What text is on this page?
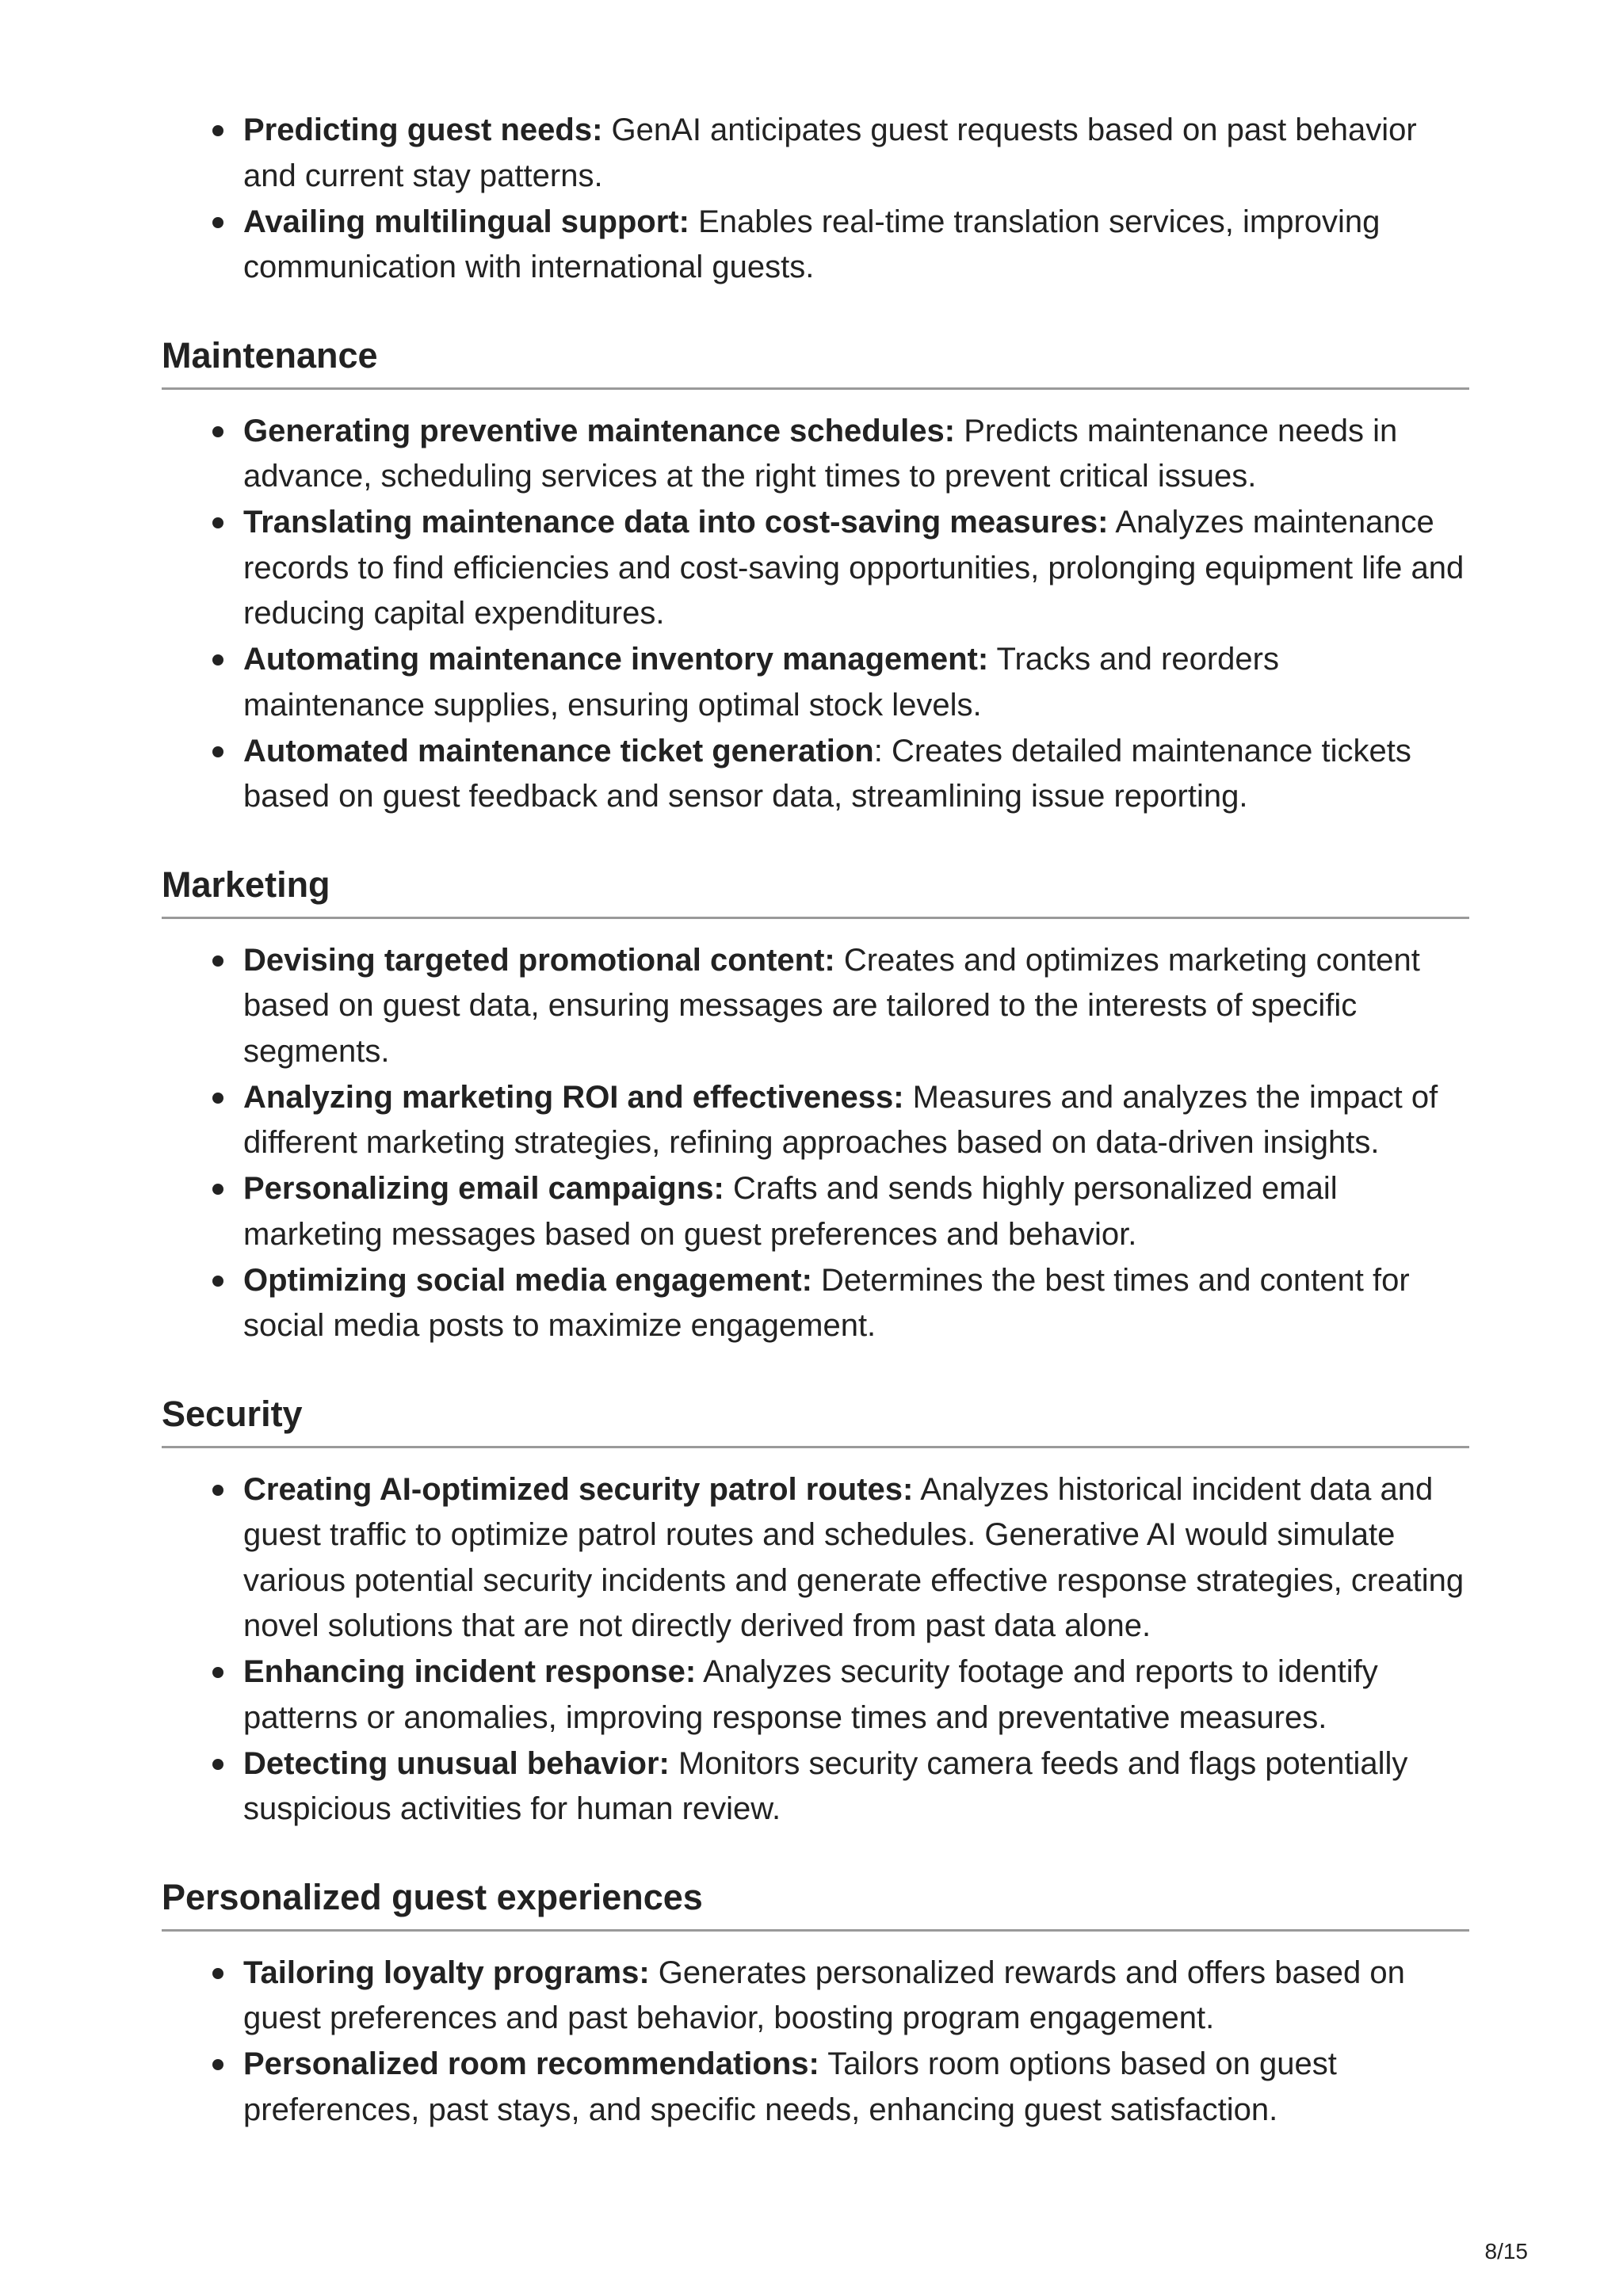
Predicting guest needs: GenAI anticipates guest requests based on past behavior and current stay patterns.
Availing multilingual support: Enables real-time translation services, improving communication with international guests.
Maintenance
Generating preventive maintenance schedules: Predicts maintenance needs in advance, scheduling services at the right times to prevent critical issues.
Translating maintenance data into cost-saving measures: Analyzes maintenance records to find efficiencies and cost-saving opportunities, prolonging equipment life and reducing capital expenditures.
Automating maintenance inventory management: Tracks and reorders maintenance supplies, ensuring optimal stock levels.
Automated maintenance ticket generation: Creates detailed maintenance tickets based on guest feedback and sensor data, streamlining issue reporting.
Marketing
Devising targeted promotional content: Creates and optimizes marketing content based on guest data, ensuring messages are tailored to the interests of specific segments.
Analyzing marketing ROI and effectiveness: Measures and analyzes the impact of different marketing strategies, refining approaches based on data-driven insights.
Personalizing email campaigns: Crafts and sends highly personalized email marketing messages based on guest preferences and behavior.
Optimizing social media engagement: Determines the best times and content for social media posts to maximize engagement.
Security
Creating AI-optimized security patrol routes: Analyzes historical incident data and guest traffic to optimize patrol routes and schedules. Generative AI would simulate various potential security incidents and generate effective response strategies, creating novel solutions that are not directly derived from past data alone.
Enhancing incident response: Analyzes security footage and reports to identify patterns or anomalies, improving response times and preventative measures.
Detecting unusual behavior: Monitors security camera feeds and flags potentially suspicious activities for human review.
Personalized guest experiences
Tailoring loyalty programs: Generates personalized rewards and offers based on guest preferences and past behavior, boosting program engagement.
Personalized room recommendations: Tailors room options based on guest preferences, past stays, and specific needs, enhancing guest satisfaction.
8/15
